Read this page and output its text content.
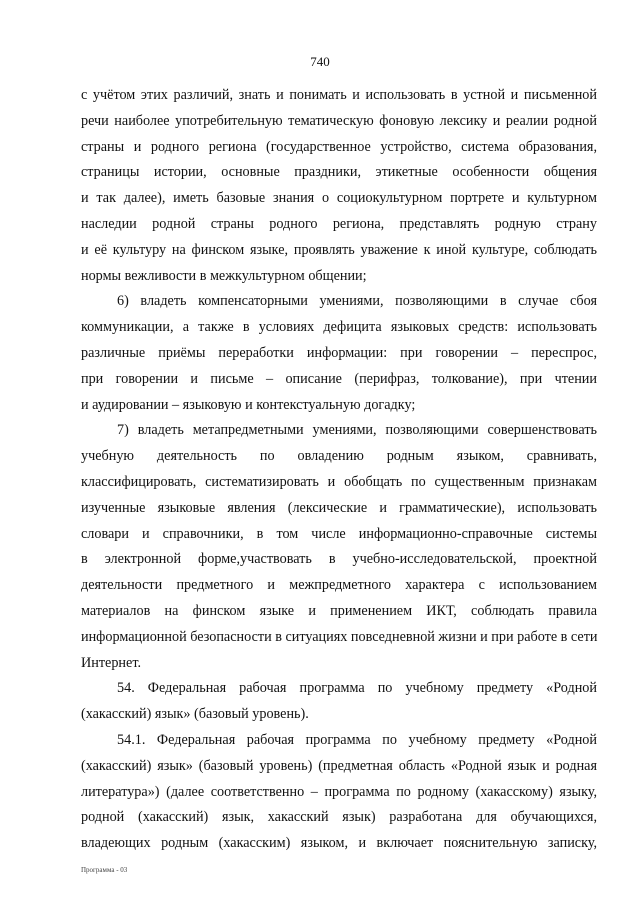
740
с учётом этих различий, знать и понимать и использовать в устной и письменной
речи наиболее употребительную тематическую фоновую лексику и реалии родной
страны и родного региона (государственное устройство, система образования,
страницы истории, основные праздники, этикетные особенности общения
и так далее), иметь базовые знания о социокультурном портрете и культурном
наследии родной страны родного региона, представлять родную страну
и её культуру на финском языке, проявлять уважение к иной культуре, соблюдать
нормы вежливости в межкультурном общении;
6) владеть компенсаторными умениями, позволяющими в случае сбоя
коммуникации, а также в условиях дефицита языковых средств: использовать
различные приёмы переработки информации: при говорении – переспрос,
при говорении и письме – описание (перифраз, толкование), при чтении
и аудировании – языковую и контекстуальную догадку;
7) владеть метапредметными умениями, позволяющими совершенствовать
учебную деятельность по овладению родным языком, сравнивать,
классифицировать, систематизировать и обобщать по существенным признакам
изученные языковые явления (лексические и грамматические), использовать
словари и справочники, в том числе информационно-справочные системы
в электронной форме,участвовать в учебно-исследовательской, проектной
деятельности предметного и межпредметного характера с использованием
материалов на финском языке и применением ИКТ, соблюдать правила
информационной безопасности в ситуациях повседневной жизни и при работе в сети
Интернет.
54. Федеральная рабочая программа по учебному предмету «Родной
(хакасский) язык» (базовый уровень).
54.1. Федеральная рабочая программа по учебному предмету «Родной
(хакасский) язык» (базовый уровень) (предметная область «Родной язык и родная
литература») (далее соответственно – программа по родному (хакасскому) языку,
родной (хакасский) язык, хакасский язык) разработана для обучающихся,
владеющих родным (хакасским) языком, и включает пояснительную записку,
Программа - 03
